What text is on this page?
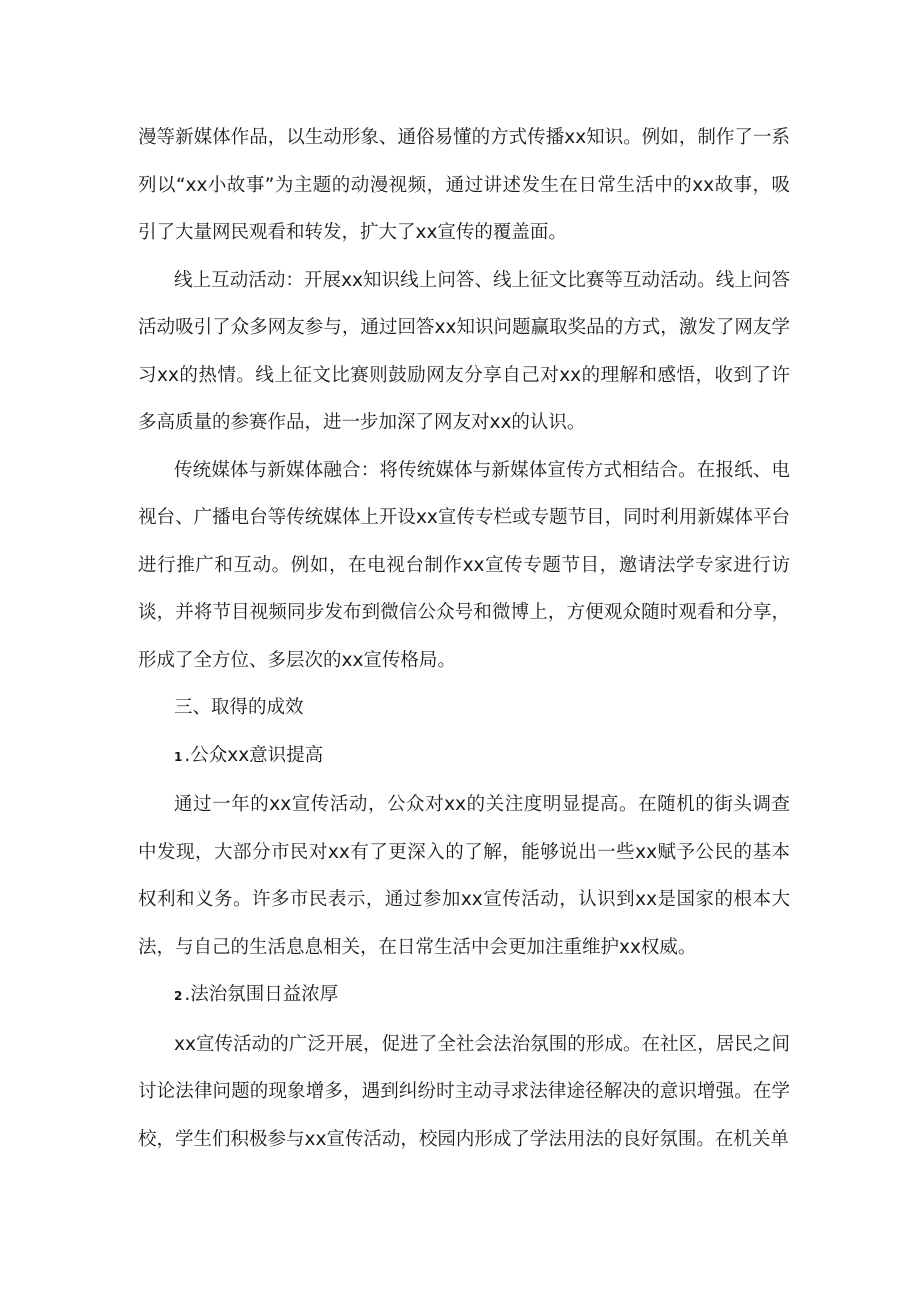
漫等新媒体作品，以生动形象、通俗易懂的方式传播xx知识。例如，制作了一系列以“xx小故事”为主题的动漫视频，通过讲述发生在日常生活中的xx故事，吸引了大量网民观看和转发，扩大了xx宣传的覆盖面。

线上互动活动：开展xx知识线上问答、线上征文比赛等互动活动。线上问答活动吸引了众多网友参与，通过回答xx知识问题赢取奖品的方式，激发了网友学习xx的热情。线上征文比赛则鼓励网友分享自己对xx的理解和感悟，收到了许多高质量的参赛作品，进一步加深了网友对xx的认识。

传统媒体与新媒体融合：将传统媒体与新媒体宣传方式相结合。在报纸、电视台、广播电台等传统媒体上开设xx宣传专栏或专题节目，同时利用新媒体平台进行推广和互动。例如，在电视台制作xx宣传专题节目，邀请法学专家进行访谈，并将节目视频同步发布到微信公众号和微博上，方便观众随时观看和分享，形成了全方位、多层次的xx宣传格局。

三、取得的成效

1 .公众xx意识提高

通过一年的xx宣传活动，公众对xx的关注度明显提高。在随机的街头调查中发现，大部分市民对xx有了更深入的了解，能够说出一些xx赋予公民的基本权利和义务。许多市民表示，通过参加xx宣传活动，认识到xx是国家的根本大法，与自己的生活息息相关，在日常生活中会更加注重维护xx权威。

2 .法治氛围日益浓厚

xx宣传活动的广泛开展，促进了全社会法治氛围的形成。在社区，居民之间讨论法律问题的现象增多，遇到纠纷时主动寻求法律途径解决的意识增强。在学校，学生们积极参与xx宣传活动，校园内形成了学法用法的良好氛围。在机关单
